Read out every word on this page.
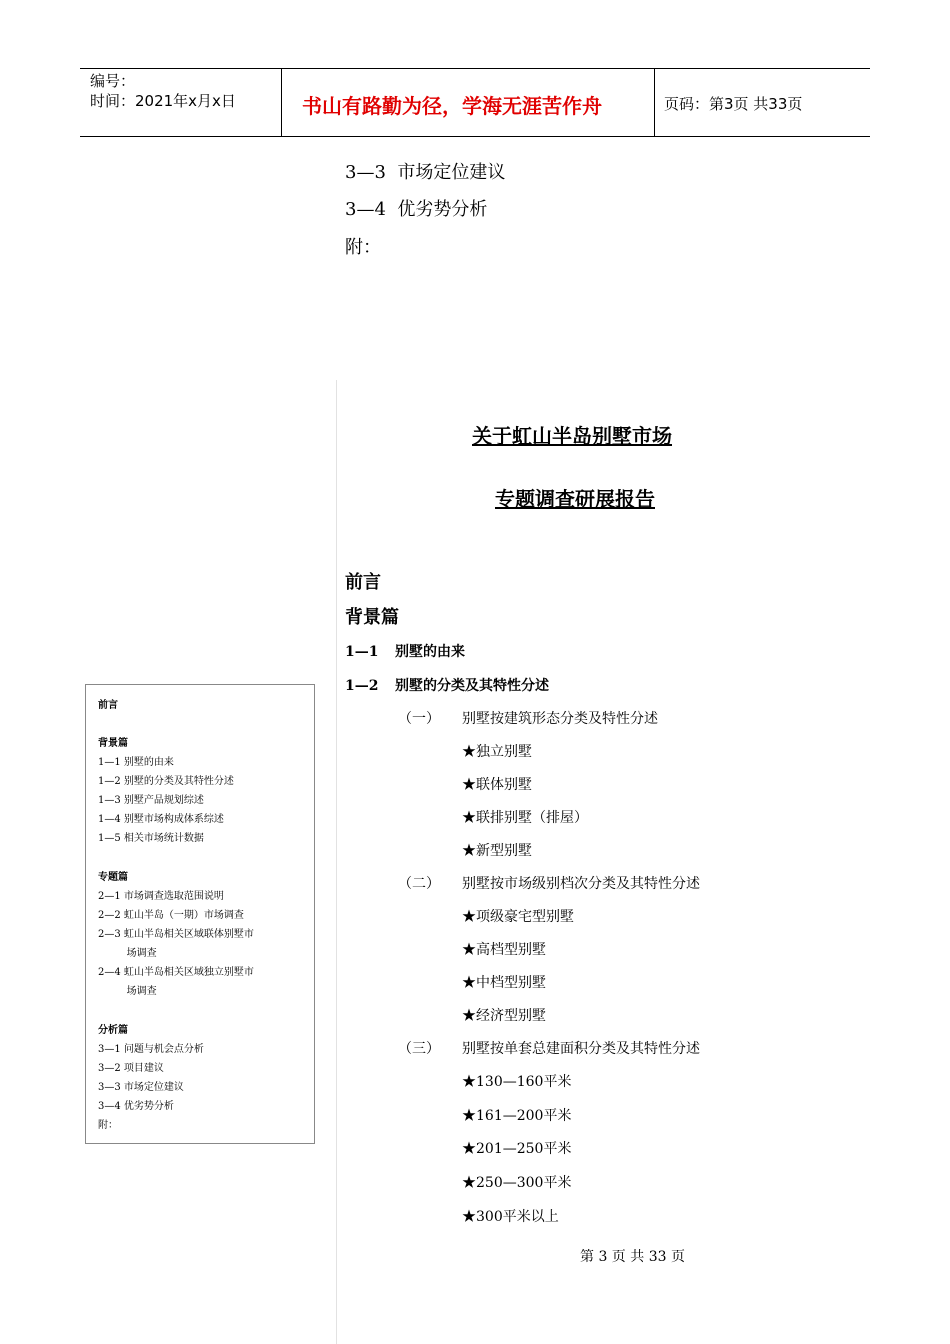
编号：
时间：2021年x月x日	书山有路勤为径，学海无涯苦作舟	页码：第3页 共33页
3—3 市场定位建议
3—4 优劣势分析
附：
关于虹山半岛别墅市场
专题调查研展报告
前言
背景篇
1—1 别墅的由来
1—2 别墅的分类及其特性分述
（一） 别墅按建筑形态分类及特性分述
★独立别墅
★联体别墅
★联排别墅（排屋）
★新型别墅
（二） 别墅按市场级别档次分类及其特性分述
★项级豪宅型别墅
★高档型别墅
★中档型别墅
★经济型别墅
（三） 别墅按单套总建面积分类及其特性分述
★130—160平米
★161—200平米
★201—250平米
★250—300平米
★300平米以上
前言
背景篇
1—1 别墅的由来
1—2 别墅的分类及其特性分述
1—3 别墅产品规划综述
1—4 别墅市场构成体系综述
1—5 相关市场统计数据
专题篇
2—1 市场调查选取范围说明
2—2 虹山半岛（一期）市场调查
2—3 虹山半岛相关区域联体别墅市
场调查
2—4 虹山半岛相关区域独立别墅市
场调查
分析篇
3—1 问题与机会点分析
3—2 项目建议
3—3 市场定位建议
3—4 优劣势分析
附：
第 3 页 共 33 页
